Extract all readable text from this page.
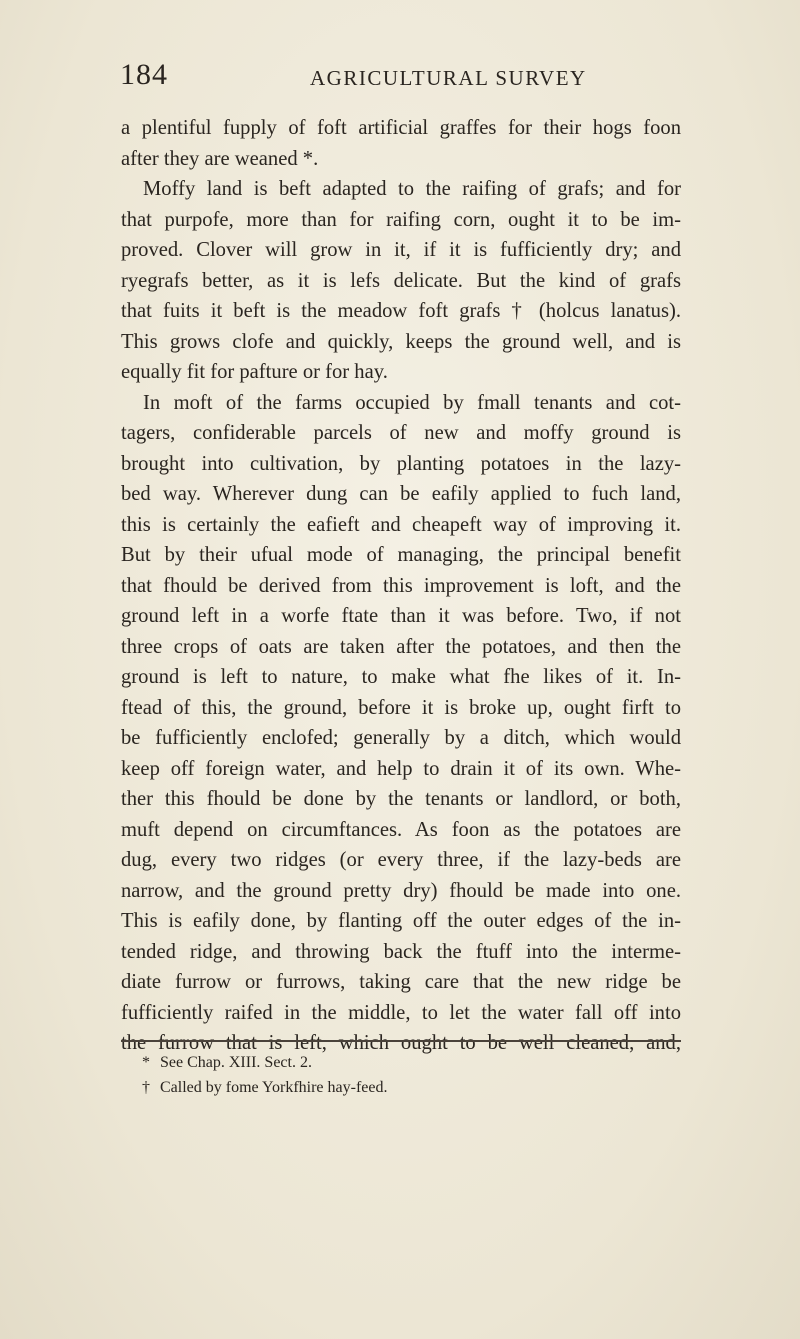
184	AGRICULTURAL SURVEY
a plentiful fupply of foft artificial graffes for their hogs foon
after they are weaned *.
Moffy land is beft adapted to the raifing of grafs; and for
that purpofe, more than for raifing corn, ought it to be im-
proved. Clover will grow in it, if it is fufficiently dry; and
ryegrafs better, as it is lefs delicate. But the kind of grafs
that fuits it beft is the meadow foft grafs † (holcus lanatus).
This grows clofe and quickly, keeps the ground well, and is
equally fit for pafture or for hay.
In moft of the farms occupied by fmall tenants and cot-
tagers, confiderable parcels of new and moffy ground is
brought into cultivation, by planting potatoes in the lazy-
bed way. Wherever dung can be eafily applied to fuch land,
this is certainly the eafieft and cheapeft way of improving it.
But by their ufual mode of managing, the principal benefit
that fhould be derived from this improvement is loft, and the
ground left in a worfe ftate than it was before. Two, if not
three crops of oats are taken after the potatoes, and then the
ground is left to nature, to make what fhe likes of it. In-
ftead of this, the ground, before it is broke up, ought firft to
be fufficiently enclofed; generally by a ditch, which would
keep off foreign water, and help to drain it of its own. Whe-
ther this fhould be done by the tenants or landlord, or both,
muft depend on circumftances. As foon as the potatoes are
dug, every two ridges (or every three, if the lazy-beds are
narrow, and the ground pretty dry) fhould be made into one.
This is eafily done, by flanting off the outer edges of the in-
tended ridge, and throwing back the ftuff into the interme-
diate furrow or furrows, taking care that the new ridge be
fufficiently raifed in the middle, to let the water fall off into
the furrow that is left, which ought to be well cleaned, and,
* See Chap. XIII. Sect. 2.
† Called by fome Yorkfhire hay-feed.
